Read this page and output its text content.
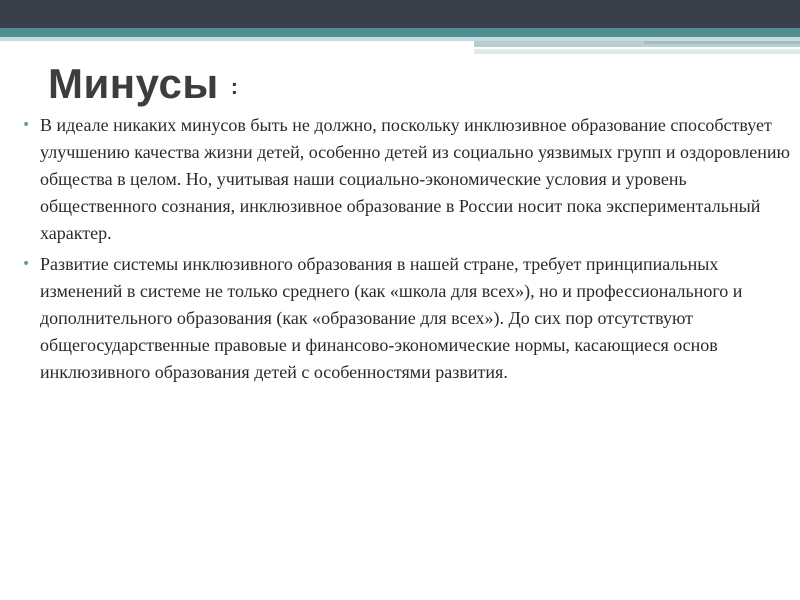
Минусы :
• В идеале никаких минусов быть не должно, поскольку инклюзивное образование способствует улучшению качества жизни детей, особенно детей из социально уязвимых групп и оздоровлению общества в целом. Но, учитывая наши социально-экономические условия и уровень общественного сознания, инклюзивное образование в России носит пока экспериментальный характер.
• Развитие системы инклюзивного образования в нашей стране, требует принципиальных изменений в системе не только среднего (как «школа для всех»), но и профессионального и дополнительного образования (как «образование для всех»). До сих пор отсутствуют общегосударственные правовые и финансово-экономические нормы, касающиеся основ инклюзивного образования детей с особенностями развития.
